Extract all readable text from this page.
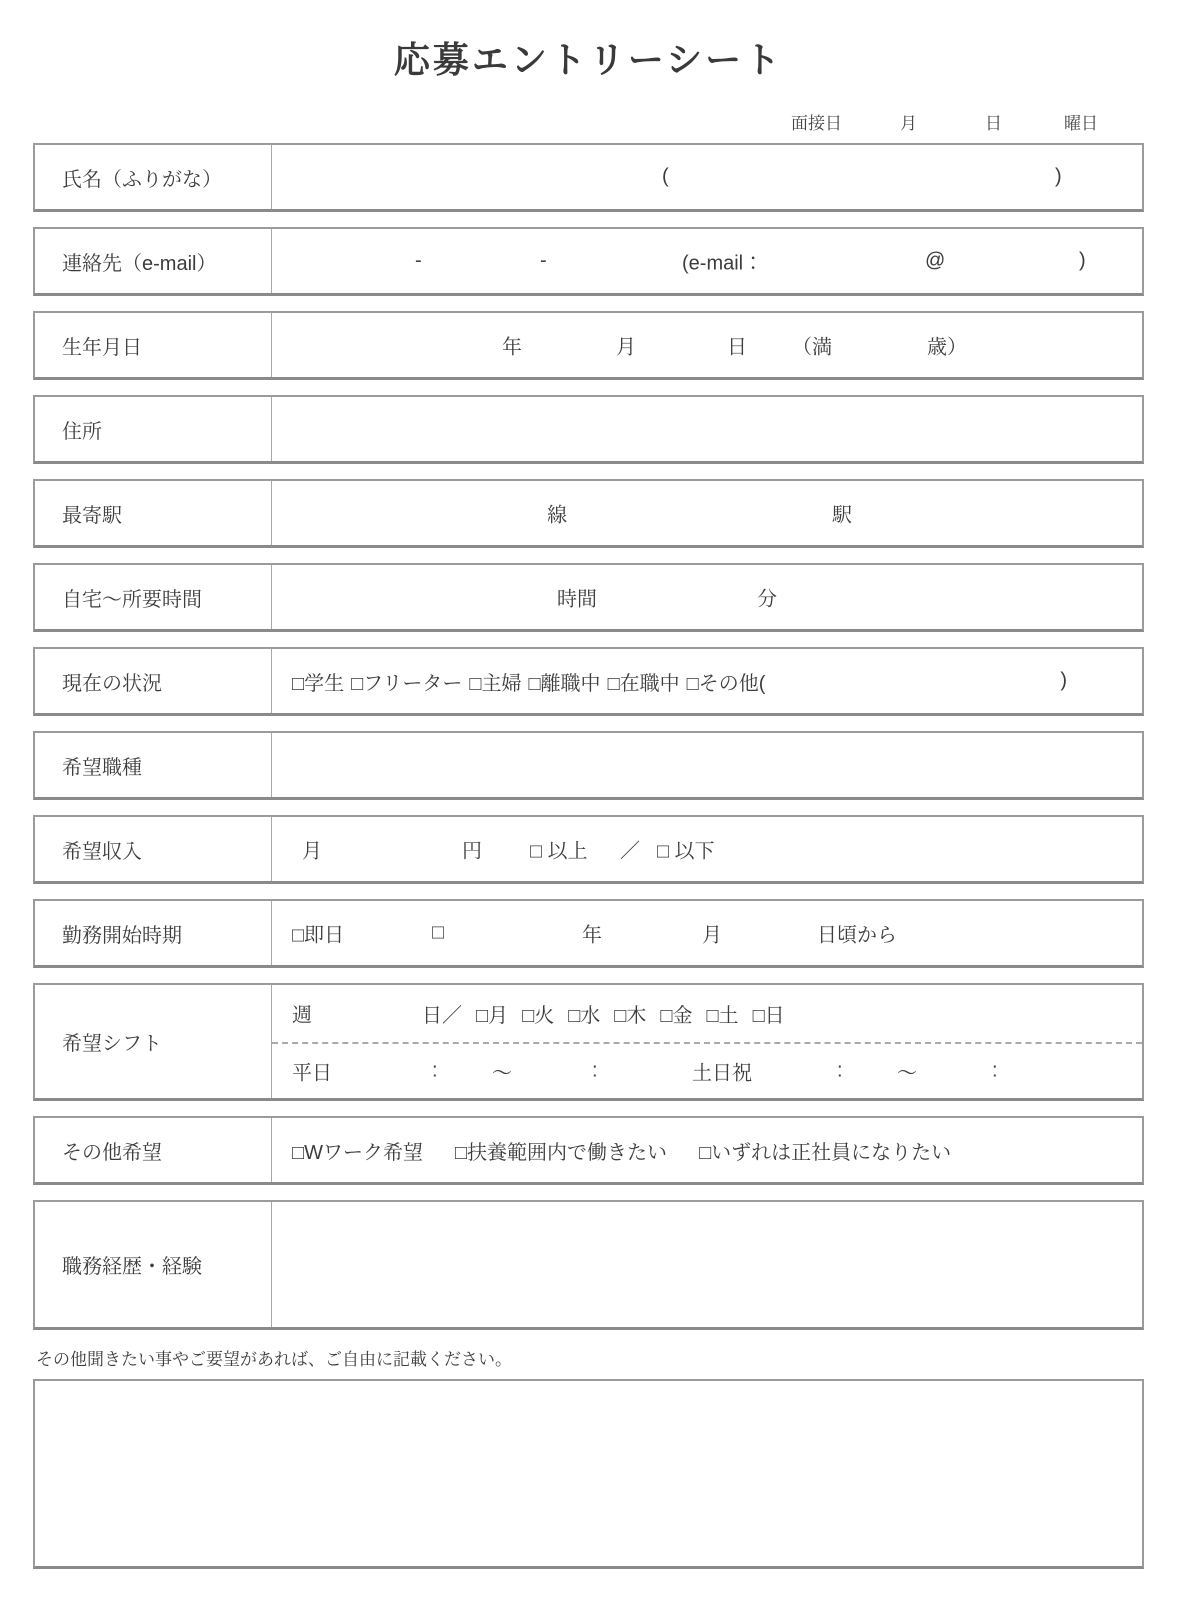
応募エントリーシート
面接日	月	日	曜日
氏名（ふりがな）	(	)
連絡先（e-mail）	-	-	(e-mail：	@	)
生年月日	年	月	日 （満	歳）
住所
最寄駅	線	駅
自宅～所要時間	時間	分
現在の状況	□学生 □フリーター □主婦 □離職中 □在職中 □その他(	)
希望職種
希望収入	月	円 □ 以上 ／ □ 以下
勤務開始時期	□即日	□	年	月	日頃から
希望シフト
週	日／ □月 □火 □水 □木 □金 □土 □日
平日	:	～	:	土日祝	:	～	:
その他希望	□Wワーク希望 □扶養範囲内で働きたい □いずれは正社員になりたい
職務経歴・経験
その他聞きたい事やご要望があれば、ご自由に記載ください。
